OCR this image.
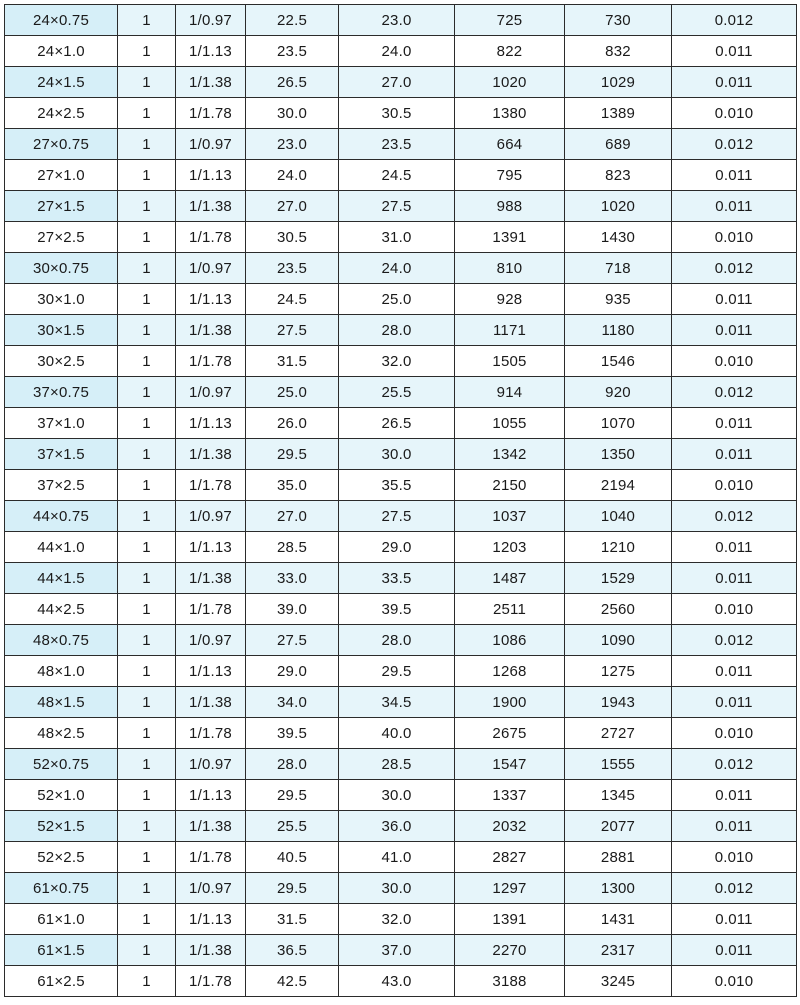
24×0.75	1	1/0.97	22.5	23.0	725	730	0.012
24×1.0	1	1/1.13	23.5	24.0	822	832	0.011
24×1.5	1	1/1.38	26.5	27.0	1020	1029	0.011
24×2.5	1	1/1.78	30.0	30.5	1380	1389	0.010
27×0.75	1	1/0.97	23.0	23.5	664	689	0.012
27×1.0	1	1/1.13	24.0	24.5	795	823	0.011
27×1.5	1	1/1.38	27.0	27.5	988	1020	0.011
27×2.5	1	1/1.78	30.5	31.0	1391	1430	0.010
30×0.75	1	1/0.97	23.5	24.0	810	718	0.012
30×1.0	1	1/1.13	24.5	25.0	928	935	0.011
30×1.5	1	1/1.38	27.5	28.0	1171	1180	0.011
30×2.5	1	1/1.78	31.5	32.0	1505	1546	0.010
37×0.75	1	1/0.97	25.0	25.5	914	920	0.012
37×1.0	1	1/1.13	26.0	26.5	1055	1070	0.011
37×1.5	1	1/1.38	29.5	30.0	1342	1350	0.011
37×2.5	1	1/1.78	35.0	35.5	2150	2194	0.010
44×0.75	1	1/0.97	27.0	27.5	1037	1040	0.012
44×1.0	1	1/1.13	28.5	29.0	1203	1210	0.011
44×1.5	1	1/1.38	33.0	33.5	1487	1529	0.011
44×2.5	1	1/1.78	39.0	39.5	2511	2560	0.010
48×0.75	1	1/0.97	27.5	28.0	1086	1090	0.012
48×1.0	1	1/1.13	29.0	29.5	1268	1275	0.011
48×1.5	1	1/1.38	34.0	34.5	1900	1943	0.011
48×2.5	1	1/1.78	39.5	40.0	2675	2727	0.010
52×0.75	1	1/0.97	28.0	28.5	1547	1555	0.012
52×1.0	1	1/1.13	29.5	30.0	1337	1345	0.011
52×1.5	1	1/1.38	25.5	36.0	2032	2077	0.011
52×2.5	1	1/1.78	40.5	41.0	2827	2881	0.010
61×0.75	1	1/0.97	29.5	30.0	1297	1300	0.012
61×1.0	1	1/1.13	31.5	32.0	1391	1431	0.011
61×1.5	1	1/1.38	36.5	37.0	2270	2317	0.011
61×2.5	1	1/1.78	42.5	43.0	3188	3245	0.010
